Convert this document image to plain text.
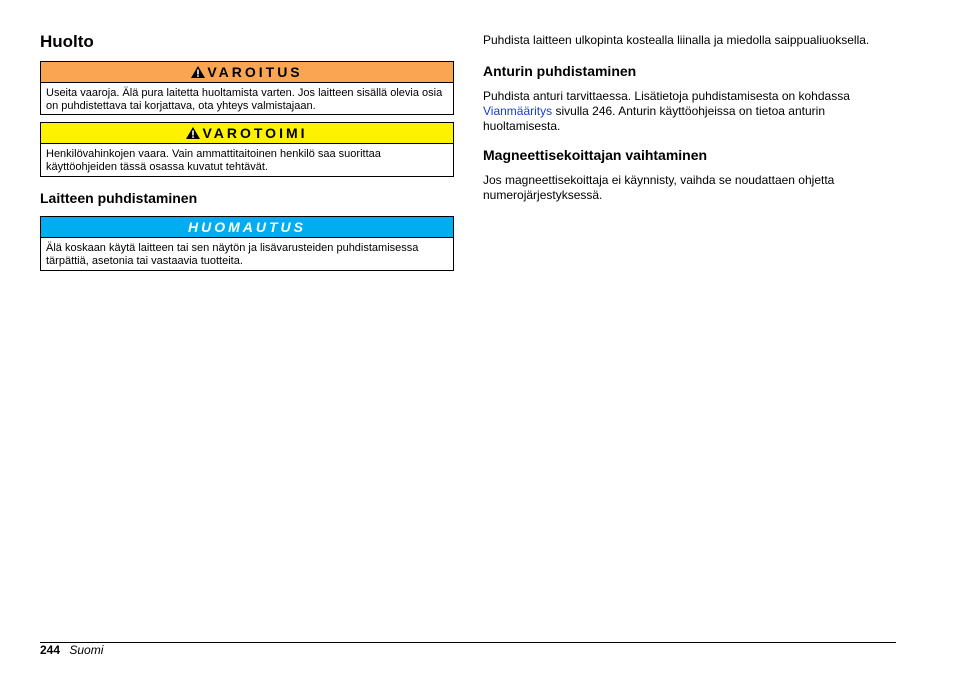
Huolto
VAROITUS
Useita vaaroja. Älä pura laitetta huoltamista varten. Jos laitteen sisällä olevia osia on puhdistettava tai korjattava, ota yhteys valmistajaan.
VAROTOIMI
Henkilövahinkojen vaara. Vain ammattitaitoinen henkilö saa suorittaa käyttöohjeiden tässä osassa kuvatut tehtävät.
Laitteen puhdistaminen
HUOMAUTUS
Älä koskaan käytä laitteen tai sen näytön ja lisävarusteiden puhdistamisessa tärpättiä, asetonia tai vastaavia tuotteita.
Puhdista laitteen ulkopinta kostealla liinalla ja miedolla saippualiuoksella.
Anturin puhdistaminen
Puhdista anturi tarvittaessa. Lisätietoja puhdistamisesta on kohdassa
Vianmääritys sivulla 246. Anturin käyttöohjeissa on tietoa anturin huoltamisesta.
Magneettisekoittajan vaihtaminen
Jos magneettisekoittaja ei käynnisty, vaihda se noudattaen ohjetta numerojärjestyksessä.
244 Suomi
